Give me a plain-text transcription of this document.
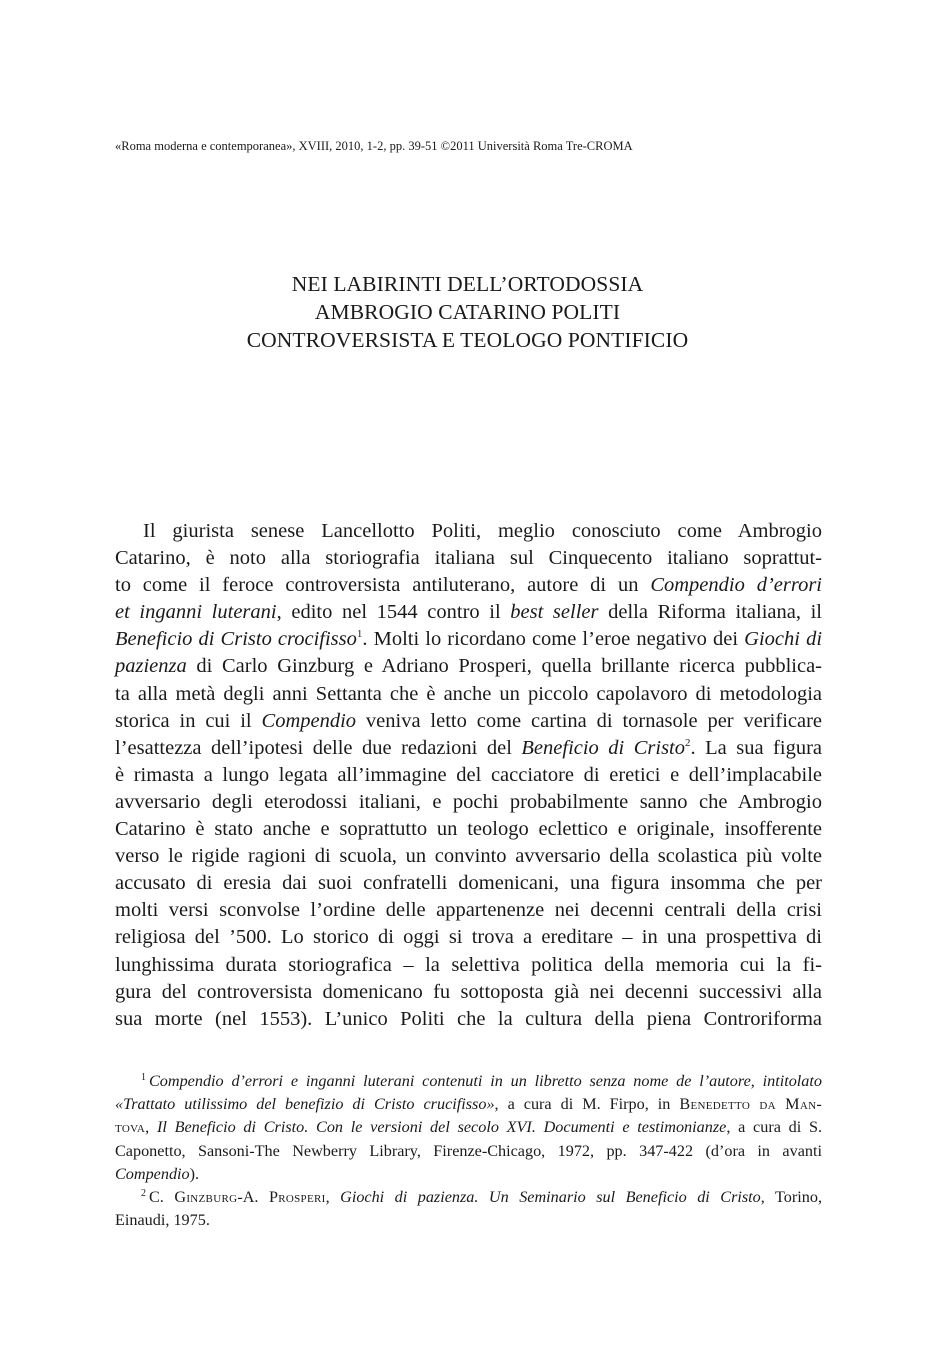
«Roma moderna e contemporanea», XVIII, 2010, 1-2, pp. 39-51 ©2011 Università Roma Tre-CROMA
NEI LABIRINTI DELL’ORTODOSSIA
AMBROGIO CATARINO POLITI
CONTROVERSISTA E TEOLOGO PONTIFICIO
Il giurista senese Lancellotto Politi, meglio conosciuto come Ambrogio
Catarino, è noto alla storiografia italiana sul Cinquecento italiano soprattut-
to come il feroce controversista antiluterano, autore di un Compendio d’errori
et inganni luterani, edito nel 1544 contro il best seller della Riforma italiana, il
Beneficio di Cristo crocifisso$^1$. Molti lo ricordano come l’eroe negativo dei Giochi di
pazienza di Carlo Ginzburg e Adriano Prosperi, quella brillante ricerca pubblica-
ta alla metà degli anni Settanta che è anche un piccolo capolavoro di metodologia
storica in cui il Compendio veniva letto come cartina di tornasole per verificare
l’esattezza dell’ipotesi delle due redazioni del Beneficio di Cristo$^2$. La sua figura
è rimasta a lungo legata all’immagine del cacciatore di eretici e dell’implacabile
avversario degli eterodossi italiani, e pochi probabilmente sanno che Ambrogio
Catarino è stato anche e soprattutto un teologo eclettico e originale, insofferente
verso le rigide ragioni di scuola, un convinto avversario della scolastica più volte
accusato di eresia dai suoi confratelli domenicani, una figura insomma che per
molti versi sconvolse l’ordine delle appartenenze nei decenni centrali della crisi
religiosa del ’500. Lo storico di oggi si trova a ereditare – in una prospettiva di
lunghissima durata storiografica – la selettiva politica della memoria cui la fi-
gura del controversista domenicano fu sottoposta già nei decenni successivi alla
sua morte (nel 1553). L’unico Politi che la cultura della piena Controriforma
$^1$ Compendio d’errori e inganni luterani contenuti in un libretto senza nome de l’autore, intitolato
«Trattato utilissimo del benefizio di Cristo crucifisso», a cura di M. Firpo, in Benedetto da Man-
tova, Il Beneficio di Cristo. Con le versioni del secolo XVI. Documenti e testimonianze, a cura di S.
Caponetto, Sansoni-The Newberry Library, Firenze-Chicago, 1972, pp. 347-422 (d’ora in avanti
Compendio).
$^2$ C. Ginzburg-A. Prosperi, Giochi di pazienza. Un Seminario sul Beneficio di Cristo, Torino,
Einaudi, 1975.
